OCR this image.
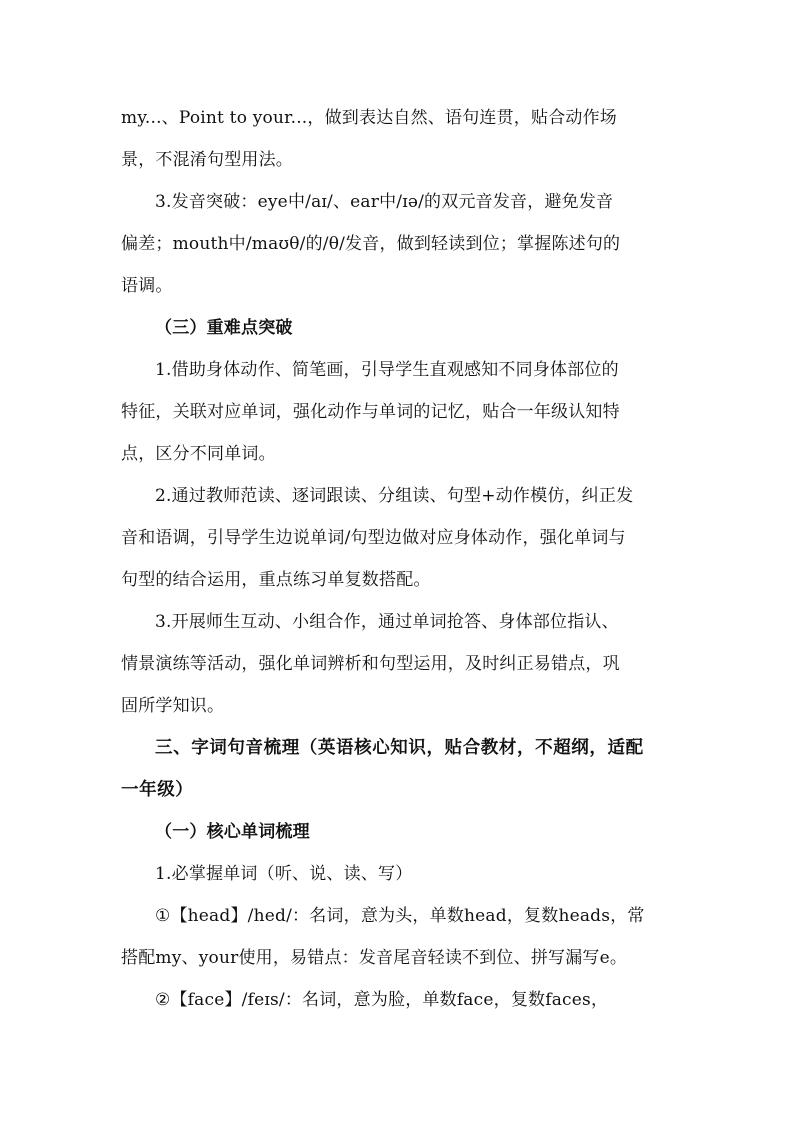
my...、Point to your...，做到表达自然、语句连贯，贴合动作场
景，不混淆句型用法。
3.发音突破：eye中/aɪ/、ear中/ɪə/的双元音发音，避免发音
偏差；mouth中/maʊθ/的/θ/发音，做到轻读到位；掌握陈述句的
语调。
（三）重难点突破
1.借助身体动作、简笔画，引导学生直观感知不同身体部位的
特征，关联对应单词，强化动作与单词的记忆，贴合一年级认知特
点，区分不同单词。
2.通过教师范读、逐词跟读、分组读、句型+动作模仿，纠正发
音和语调，引导学生边说单词/句型边做对应身体动作，强化单词与
句型的结合运用，重点练习单复数搭配。
3.开展师生互动、小组合作，通过单词抢答、身体部位指认、
情景演练等活动，强化单词辨析和句型运用，及时纠正易错点，巩
固所学知识。
三、字词句音梳理（英语核心知识，贴合教材，不超纲，适配
一年级）
（一）核心单词梳理
1.必掌握单词（听、说、读、写）
①【head】/hed/：名词，意为头，单数head，复数heads，常
搭配my、your使用，易错点：发音尾音轻读不到位、拼写漏写e。
②【face】/feɪs/：名词，意为脸，单数face，复数faces，
